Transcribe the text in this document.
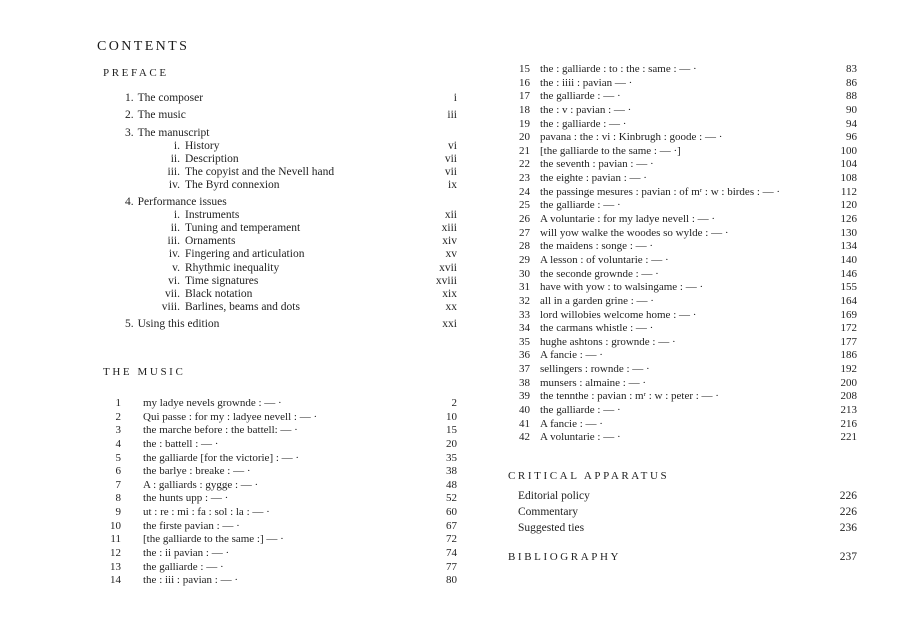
CONTENTS
PREFACE
1. The composer	i
2. The music	iii
3. The manuscript
i. History	vi
ii. Description	vii
iii. The copyist and the Nevell hand	vii
iv. The Byrd connexion	ix
4. Performance issues
i. Instruments	xii
ii. Tuning and temperament	xiii
iii. Ornaments	xiv
iv. Fingering and articulation	xv
v. Rhythmic inequality	xvii
vi. Time signatures	xviii
vii. Black notation	xix
viii. Barlines, beams and dots	xx
5. Using this edition	xxi
THE MUSIC
1 my ladye nevels grownde : — ·	2
2 Qui passe : for my : ladyee nevell : — ·	10
3 the marche before : the battell: — ·	15
4 the : battell : — ·	20
5 the galliarde [for the victorie] : — ·	35
6 the barlye : breake : — ·	38
7 A : galliards : gygge : — ·	48
8 the hunts upp : — ·	52
9 ut : re : mi : fa : sol : la : — ·	60
10 the firste pavian : — ·	67
11 [the galliarde to the same :] — ·	72
12 the : ii pavian : — ·	74
13 the galliarde : — ·	77
14 the : iii : pavian : — ·	80
15 the : galliarde : to : the : same : — ·	83
16 the : iiii : pavian — ·	86
17 the galliarde : — ·	88
18 the : v : pavian : — ·	90
19 the : galliarde : — ·	94
20 pavana : the : vi : Kinbrugh : goode : — ·	96
21 [the galliarde to the same : — ·]	100
22 the seventh : pavian : — ·	104
23 the eighte : pavian : — ·	108
24 the passinge mesures : pavian : of mʳ : w : birdes : — ·	112
25 the galliarde : — ·	120
26 A voluntarie : for my ladye nevell : — ·	126
27 will yow walke the woodes so wylde : — ·	130
28 the maidens : songe : — ·	134
29 A lesson : of voluntarie : — ·	140
30 the seconde grownde : — ·	146
31 have with yow : to walsingame : — ·	155
32 all in a garden grine : — ·	164
33 lord willobies welcome home : — ·	169
34 the carmans whistle : — ·	172
35 hughe ashtons : grownde : — ·	177
36 A fancie : — ·	186
37 sellingers : rownde : — ·	192
38 munsers : almaine : — ·	200
39 the tennthe : pavian : mʳ : w : peter : — ·	208
40 the galliarde : — ·	213
41 A fancie : — ·	216
42 A voluntarie : — ·	221
CRITICAL APPARATUS
Editorial policy	226
Commentary	226
Suggested ties	236
BIBLIOGRAPHY	237
